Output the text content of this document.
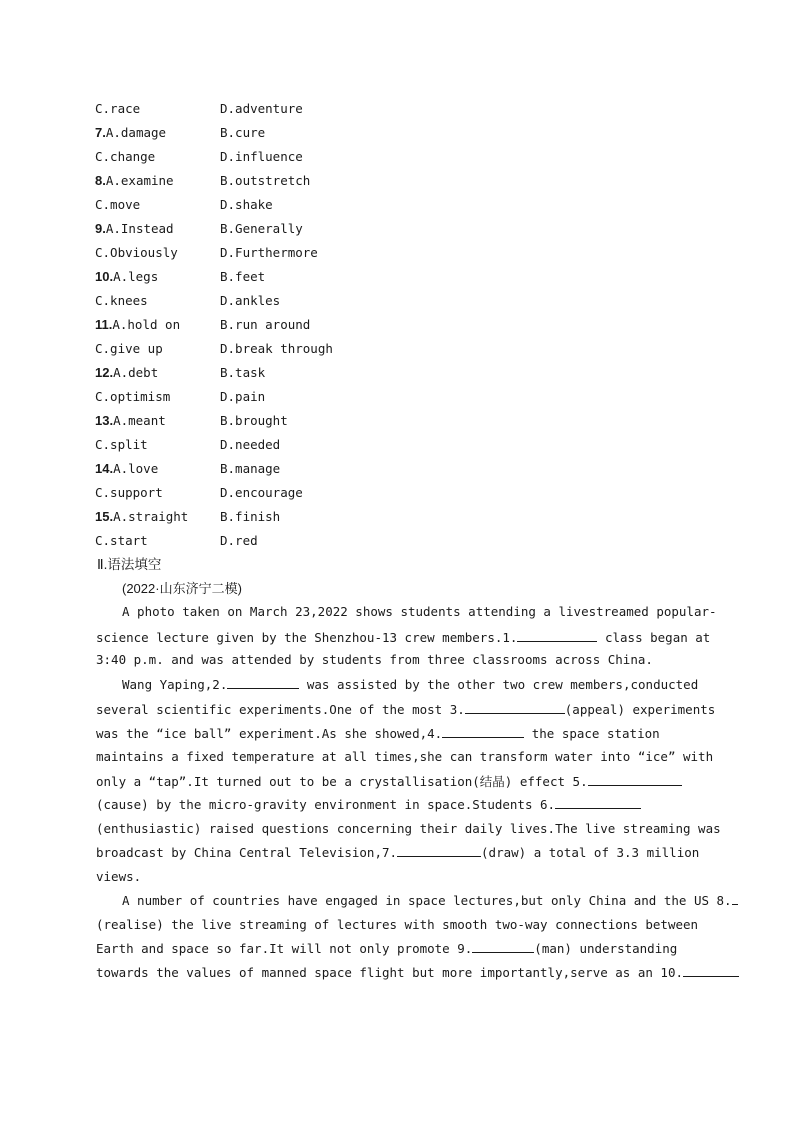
C.race	D.adventure
7.A.damage	B.cure
C.change	D.influence
8.A.examine	B.outstretch
C.move	D.shake
9.A.Instead	B.Generally
C.Obviously	D.Furthermore
10.A.legs	B.feet
C.knees	D.ankles
11.A.hold on	B.run around
C.give up	D.break through
12.A.debt	B.task
C.optimism	D.pain
13.A.meant	B.brought
C.split	D.needed
14.A.love	B.manage
C.support	D.encourage
15.A.straight	B.finish
C.start	D.red
Ⅱ.语法填空
(2022·山东济宁二模)
A photo taken on March 23,2022 shows students attending a livestreamed popular-
science lecture given by the Shenzhou-13 crew members.1.	class began at
3:40 p.m. and was attended by students from three classrooms across China.
Wang Yaping,2.	was assisted by the other two crew members,conducted
several scientific experiments.One of the most 3.	(appeal) experiments
was the “ice ball” experiment.As she showed,4.	the space station
maintains a fixed temperature at all times,she can transform water into “ice” with
only a “tap”.It turned out to be a crystallisation(结晶) effect 5.
(cause) by the micro-gravity environment in space.Students 6.
(enthusiastic) raised questions concerning their daily lives.The live streaming was
broadcast by China Central Television,7.	(draw) a total of 3.3 million
views.
A number of countries have engaged in space lectures,but only China and the US 8.
(realise) the live streaming of lectures with smooth two-way connections between
Earth and space so far.It will not only promote 9.	(man) understanding
towards the values of manned space flight but more importantly,serve as an 10.
